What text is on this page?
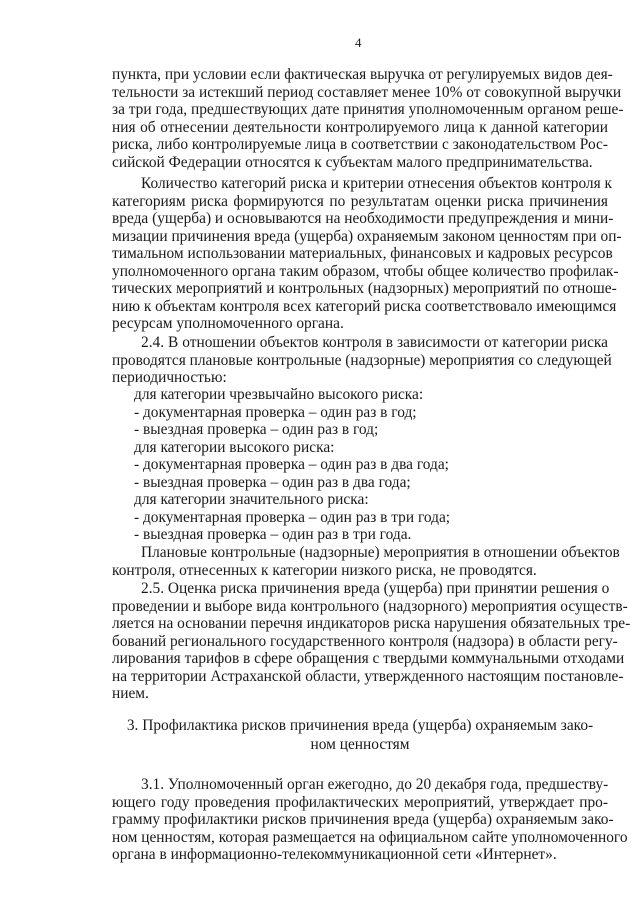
4
пункта, при условии если фактическая выручка от регулируемых видов дея-
тельности за истекший период составляет менее 10% от совокупной выручки
за три года, предшествующих дате принятия уполномоченным органом реше-
ния об отнесении деятельности контролируемого лица к данной категории
риска, либо контролируемые лица в соответствии с законодательством Рос-
сийской Федерации относятся к субъектам малого предпринимательства.
Количество категорий риска и критерии отнесения объектов контроля к
категориям риска формируются по результатам оценки риска причинения
вреда (ущерба) и основываются на необходимости предупреждения и мини-
мизации причинения вреда (ущерба) охраняемым законом ценностям при оп-
тимальном использовании материальных, финансовых и кадровых ресурсов
уполномоченного органа таким образом, чтобы общее количество профилак-
тических мероприятий и контрольных (надзорных) мероприятий по отноше-
нию к объектам контроля всех категорий риска соответствовало имеющимся
ресурсам уполномоченного органа.
2.4. В отношении объектов контроля в зависимости от категории риска
проводятся плановые контрольные (надзорные) мероприятия со следующей
периодичностью:
для категории чрезвычайно высокого риска:
- документарная проверка – один раз в год;
- выездная проверка – один раз в год;
для категории высокого риска:
- документарная проверка – один раз в два года;
- выездная проверка – один раз в два года;
для категории значительного риска:
- документарная проверка – один раз в три года;
- выездная проверка – один раз в три года.
Плановые контрольные (надзорные) мероприятия в отношении объектов
контроля, отнесенных к категории низкого риска, не проводятся.
2.5. Оценка риска причинения вреда (ущерба) при принятии решения о
проведении и выборе вида контрольного (надзорного) мероприятия осуществ-
ляется на основании перечня индикаторов риска нарушения обязательных тре-
бований регионального государственного контроля (надзора) в области регу-
лирования тарифов в сфере обращения с твердыми коммунальными отходами
на территории Астраханской области, утвержденного настоящим постановле-
нием.
3. Профилактика рисков причинения вреда (ущерба) охраняемым зако-
ном ценностям
3.1. Уполномоченный орган ежегодно, до 20 декабря года, предшеству-
ющего году проведения профилактических мероприятий, утверждает про-
грамму профилактики рисков причинения вреда (ущерба) охраняемым зако-
ном ценностям, которая размещается на официальном сайте уполномоченного
органа в информационно-телекоммуникационной сети «Интернет».
